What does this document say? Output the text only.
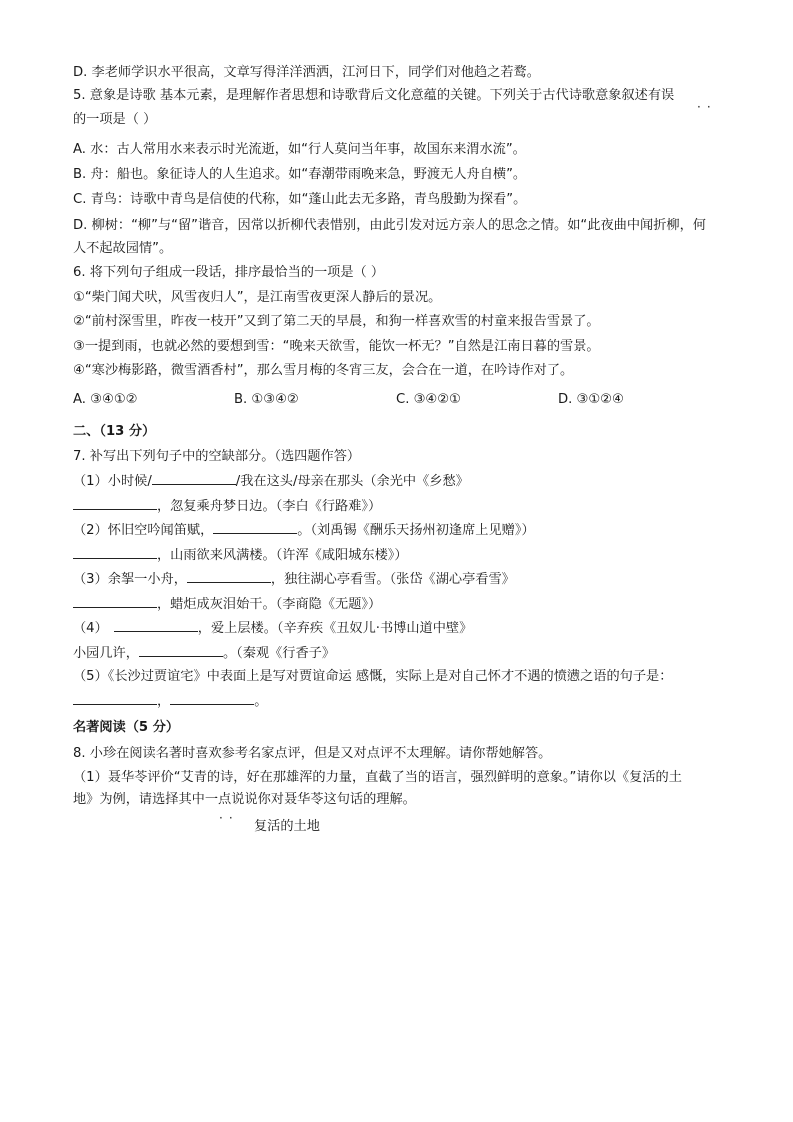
D. 李老师学识水平很高，文章写得洋洋洒洒，江河日下，同学们对他趋之若鹜。
5. 意象是诗歌 基本元素，是理解作者思想和诗歌背后文化意蕴的关键。下列关于古代诗歌意象叙述有误
··
的一项是（ ）
A. 水：古人常用水来表示时光流逝，如“行人莫问当年事，故国东来渭水流”。
B. 舟：船也。象征诗人的人生追求。如“春潮带雨晚来急，野渡无人舟自横”。
C. 青鸟：诗歌中青鸟是信使的代称，如“蓬山此去无多路，青鸟殷勤为探看”。
D. 柳树：“柳”与“留”谐音，因常以折柳代表惜别，由此引发对远方亲人的思念之情。如“此夜曲中闻折柳，何
人不起故园情”。
6. 将下列句子组成一段话，排序最恰当的一项是（ ）
①“柴门闻犬吠，风雪夜归人”，是江南雪夜更深人静后的景况。
②“前村深雪里，昨夜一枝开”又到了第二天的早晨，和狗一样喜欢雪的村童来报告雪景了。
③一提到雨，也就必然的要想到雪：“晚来天欲雪，能饮一杯无？”自然是江南日暮的雪景。
④“寒沙梅影路，微雪酒香村”，那么雪月梅的冬宵三友，会合在一道，在吟诗作对了。
A. ③④①②	B. ①③④②	C. ③④②①	D. ③①②④
二、（13 分）
7. 补写出下列句子中的空缺部分。（选四题作答）
（1）小时候/	/我在这头/母亲在那头（余光中《乡愁》
，忽复乘舟梦日边。（李白《行路难》）
（2）怀旧空吟闻笛赋，	。（刘禹锡《酬乐天扬州初逢席上见赠》）
，山雨欲来风满楼。（许浑《咸阳城东楼》）
（3）余挐一小舟，	，独往湖心亭看雪。（张岱《湖心亭看雪》
，蜡炬成灰泪始干。（李商隐《无题》）
（4）	，爱上层楼。（辛弃疾《丑奴儿·书博山道中壁》
小园几许，	。（秦观《行香子》
（5）《长沙过贾谊宅》中表面上是写对贾谊命运 感慨，实际上是对自己怀才不遇的愤懑之语的句子是：
，	。
名著阅读（5 分）
8. 小珍在阅读名著时喜欢参考名家点评，但是又对点评不太理解。请你帮她解答。
（1）聂华苓评价“艾青的诗，好在那雄浑的力量，直截了当的语言，强烈鲜明的意象。”请你以《复活的土
地》为例，请选择其中一点说说你对聂华苓这句话的理解。
··
复活的土地
